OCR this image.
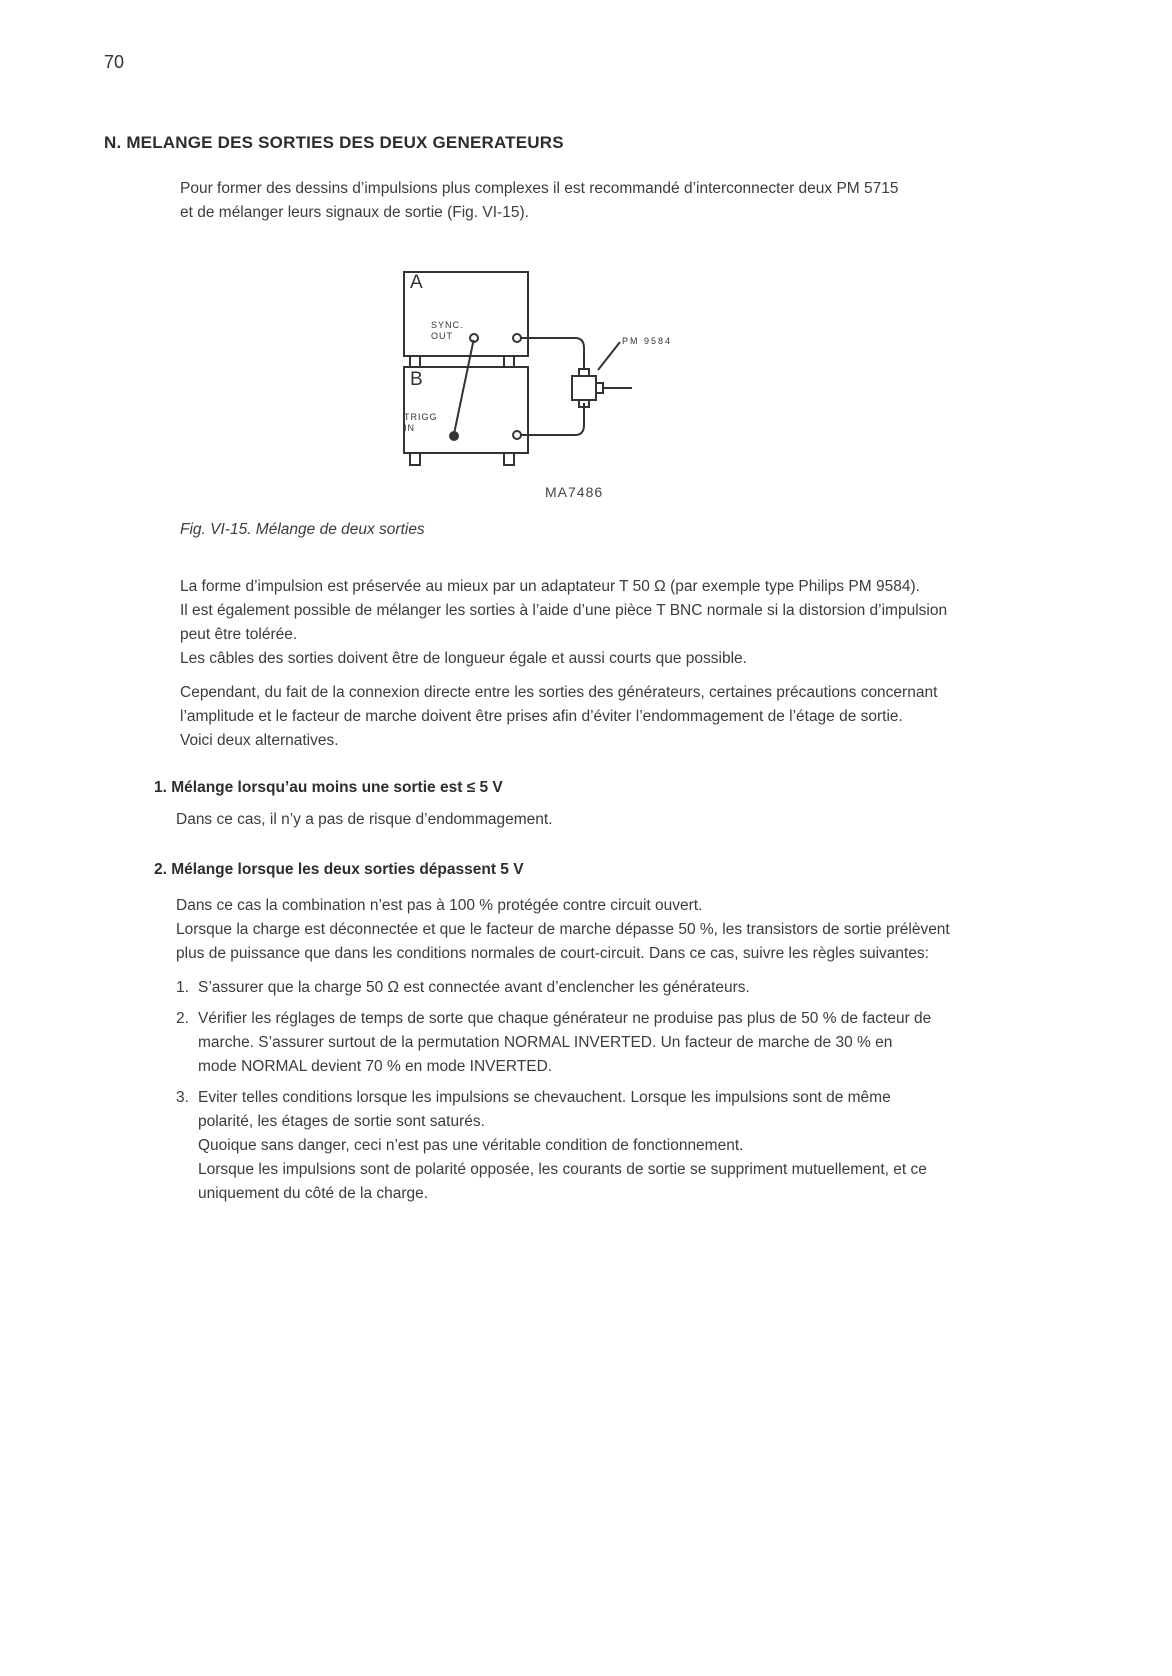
70
N. MELANGE DES SORTIES DES DEUX GENERATEURS
Pour former des dessins d’impulsions plus complexes il est recommandé d’interconnecter deux PM 5715
et de mélanger leurs signaux de sortie (Fig. VI-15).
A
B
SYNC.
OUT
TRIGG
IN
PM 9584
MA7486
Fig. VI-15. Mélange de deux sorties
La forme d’impulsion est préservée au mieux par un adaptateur T 50 Ω (par exemple type Philips PM 9584).
Il est également possible de mélanger les sorties à l’aide d’une pièce T BNC normale si la distorsion d’impulsion
peut être tolérée.
Les câbles des sorties doivent être de longueur égale et aussi courts que possible.
Cependant, du fait de la connexion directe entre les sorties des générateurs, certaines précautions concernant
l’amplitude et le facteur de marche doivent être prises afin d’éviter l’endommagement de l’étage de sortie.
Voici deux alternatives.
1. Mélange lorsqu’au moins une sortie est ≤ 5 V
Dans ce cas, il n’y a pas de risque d’endommagement.
2. Mélange lorsque les deux sorties dépassent 5 V
Dans ce cas la combination n’est pas à 100 % protégée contre circuit ouvert.
Lorsque la charge est déconnectée et que le facteur de marche dépasse 50 %, les transistors de sortie prélèvent
plus de puissance que dans les conditions normales de court-circuit. Dans ce cas, suivre les règles suivantes:
1. S’assurer que la charge 50 Ω est connectée avant d’enclencher les générateurs.
2. Vérifier les réglages de temps de sorte que chaque générateur ne produise pas plus de 50 % de facteur de
marche. S’assurer surtout de la permutation NORMAL INVERTED. Un facteur de marche de 30 % en
mode NORMAL devient 70 % en mode INVERTED.
3. Eviter telles conditions lorsque les impulsions se chevauchent. Lorsque les impulsions sont de même
polarité, les étages de sortie sont saturés.
Quoique sans danger, ceci n’est pas une véritable condition de fonctionnement.
Lorsque les impulsions sont de polarité opposée, les courants de sortie se suppriment mutuellement, et ce
uniquement du côté de la charge.
